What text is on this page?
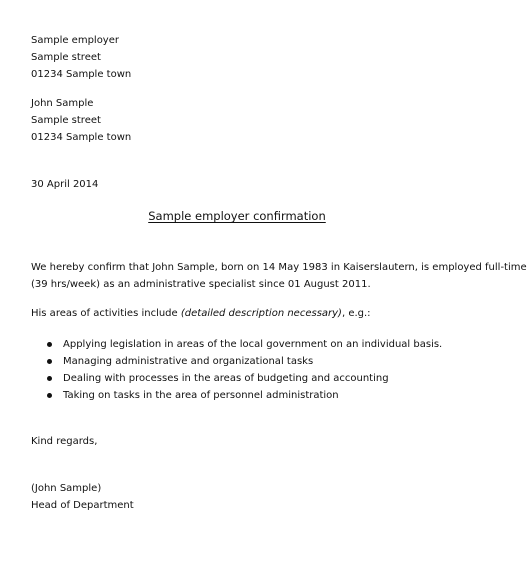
Sample employer
Sample street
01234 Sample town
John Sample
Sample street
01234 Sample town
30 April 2014
Sample employer confirmation
We hereby confirm that John Sample, born on 14 May 1983 in Kaiserslautern, is employed full-time
(39 hrs/week) as an administrative specialist since 01 August 2011.
His areas of activities include (detailed description necessary), e.g.:
Applying legislation in areas of the local government on an individual basis.
Managing administrative and organizational tasks
Dealing with processes in the areas of budgeting and accounting
Taking on tasks in the area of personnel administration
Kind regards,
(John Sample)
Head of Department
